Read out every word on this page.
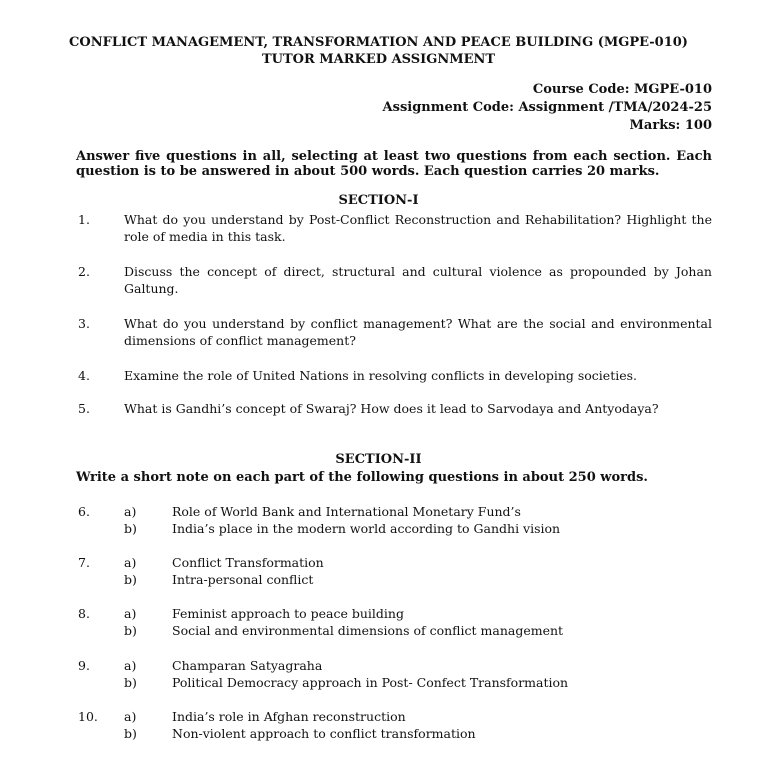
CONFLICT MANAGEMENT, TRANSFORMATION AND PEACE BUILDING (MGPE-010)
TUTOR MARKED ASSIGNMENT
Course Code: MGPE-010
Assignment Code: Assignment /TMA/2024-25
Marks: 100
Answer five questions in all, selecting at least two questions from each section. Each question is to be answered in about 500 words. Each question carries 20 marks.
SECTION-I
1.	What do you understand by Post-Conflict Reconstruction and Rehabilitation? Highlight the role of media in this task.
2.	Discuss the concept of direct, structural and cultural violence as propounded by Johan Galtung.
3.	What do you understand by conflict management? What are the social and environmental dimensions of conflict management?
4.	Examine the role of United Nations in resolving conflicts in developing societies.
5.	What is Gandhi’s concept of Swaraj? How does it lead to Sarvodaya and Antyodaya?
SECTION-II
Write a short note on each part of the following questions in about 250 words.
6.	a)	Role of World Bank and International Monetary Fund’s
b)	India’s place in the modern world according to Gandhi vision
7.	a)	Conflict Transformation
b)	Intra-personal conflict
8.	a)	Feminist approach to peace building
b)	Social and environmental dimensions of conflict management
9.	a)	Champaran Satyagraha
b)	Political Democracy approach in Post- Confect Transformation
10. a)	India’s role in Afghan reconstruction
b)	Non-violent approach to conflict transformation
